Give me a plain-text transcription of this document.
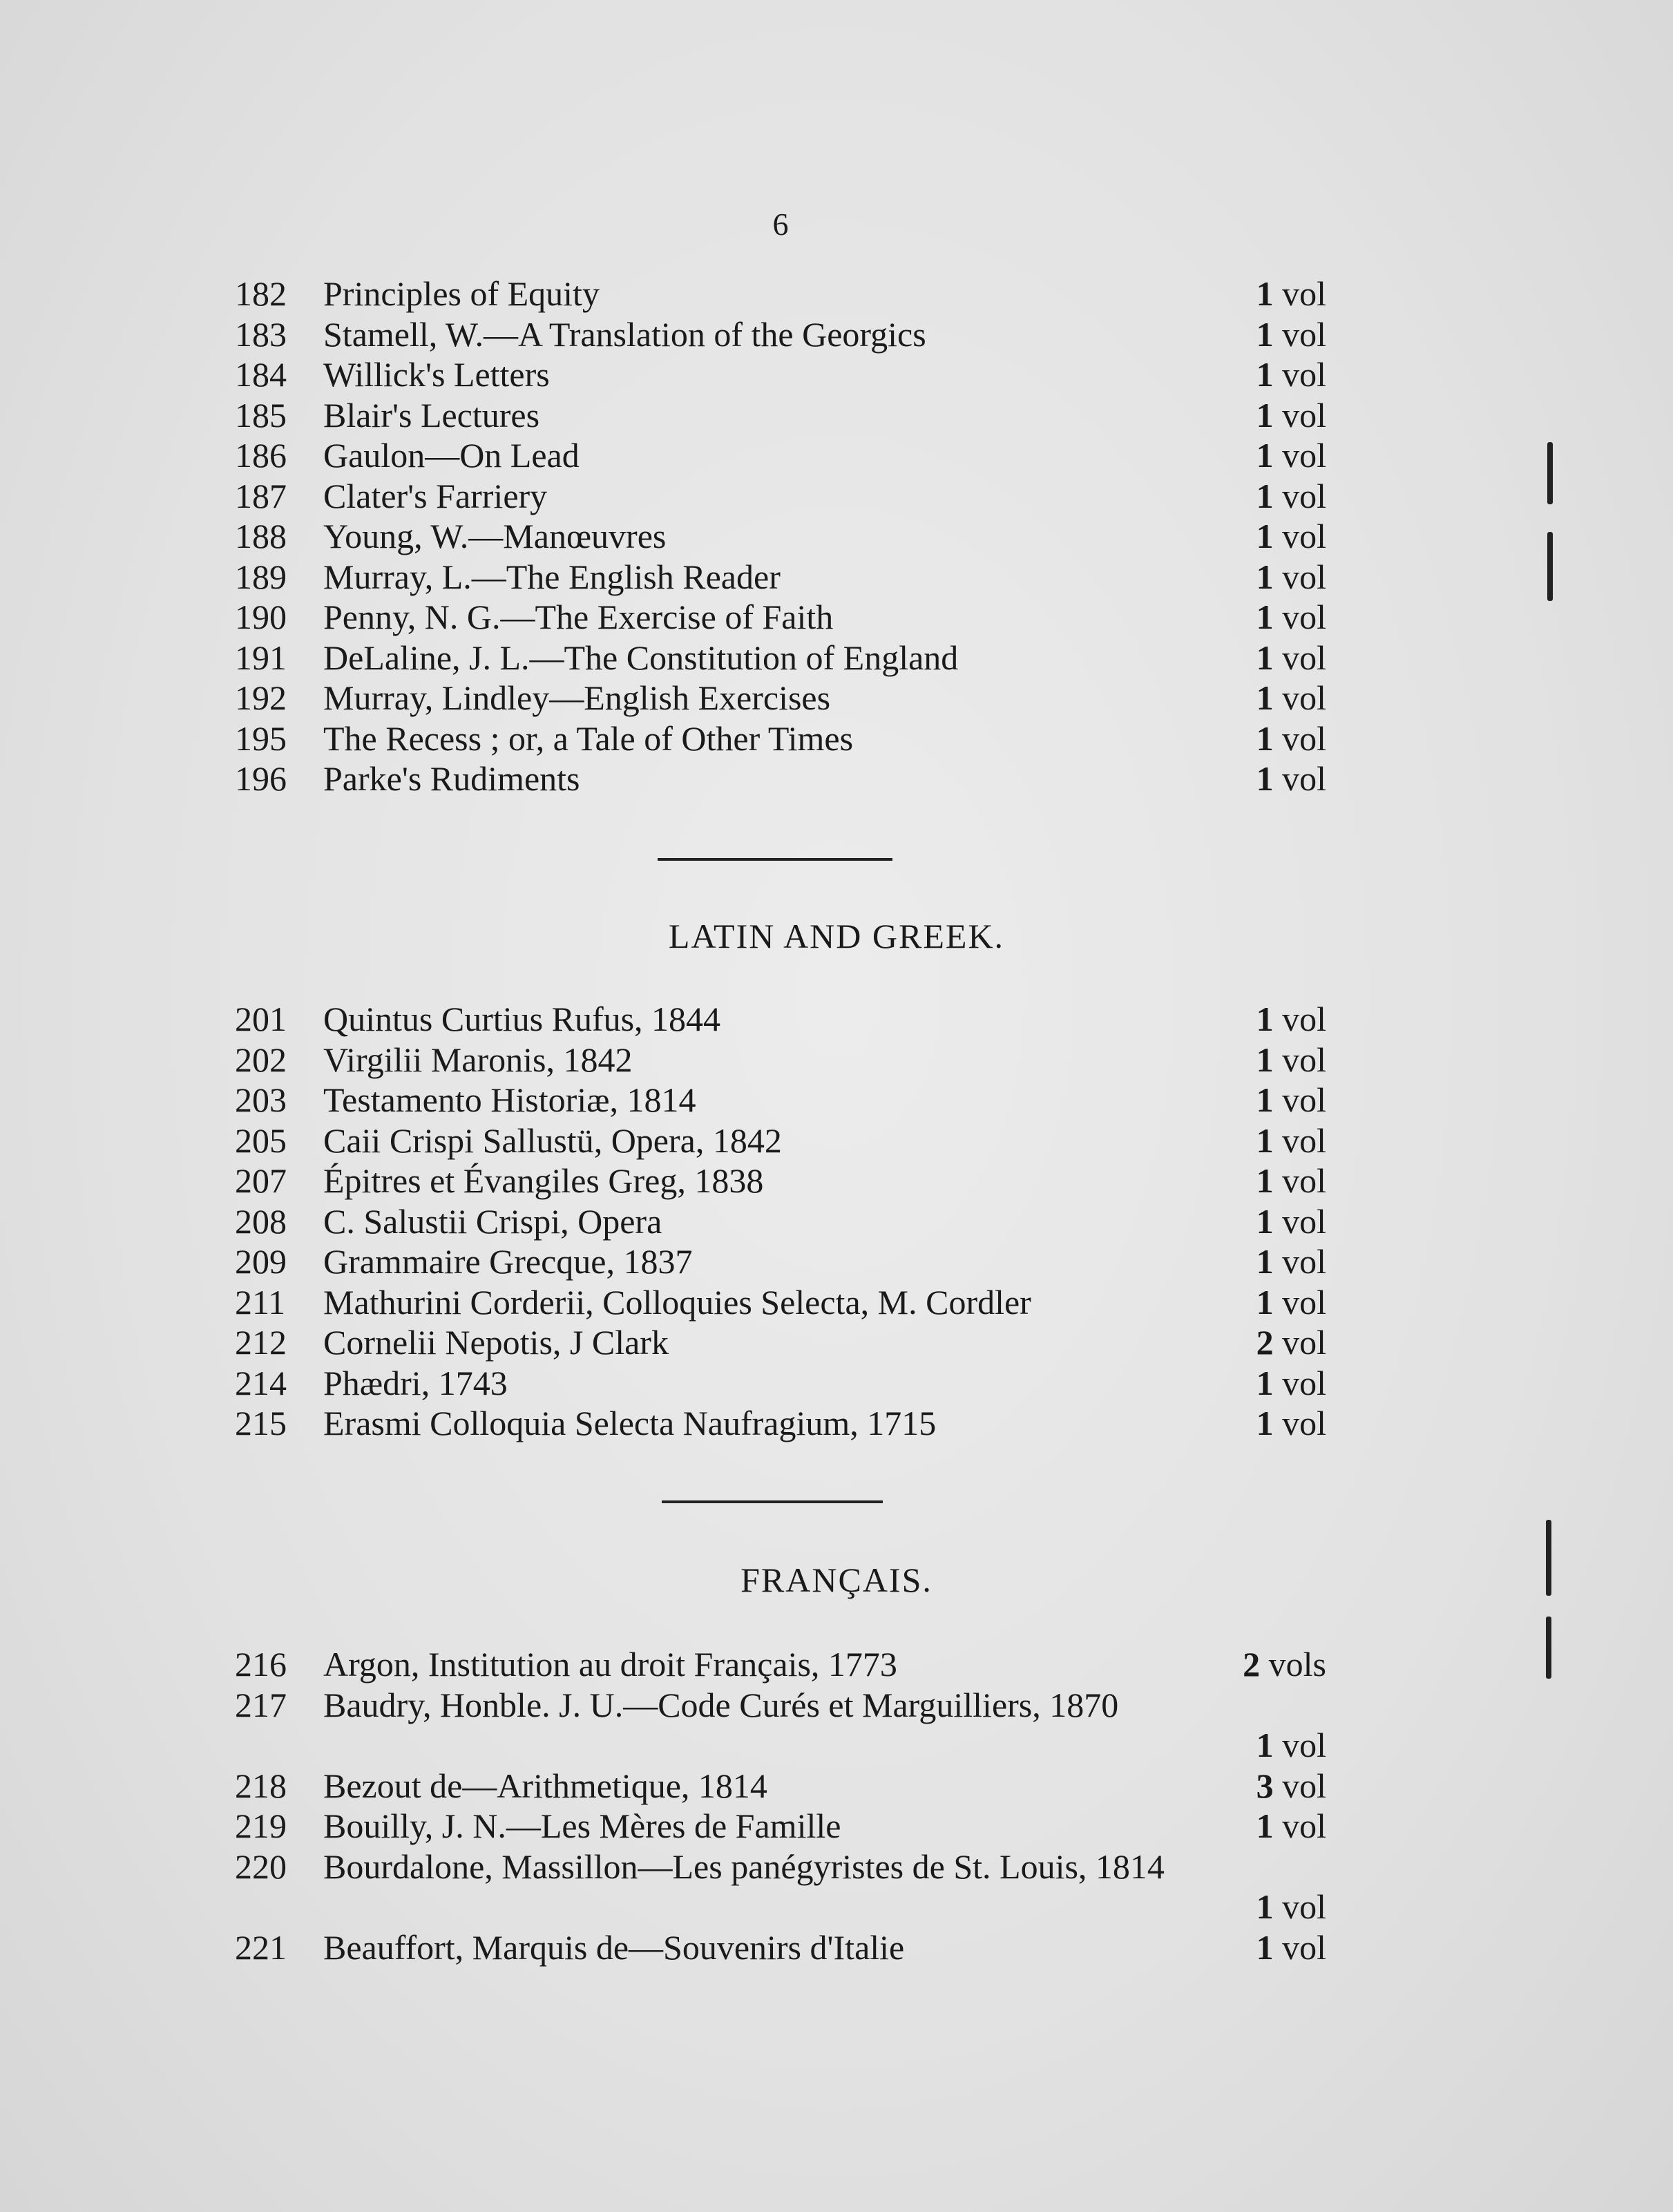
6
182	Principles of Equity	1 vol
183	Stamell, W.—A Translation of the Georgics	1 vol
184	Willick's Letters	1 vol
185	Blair's Lectures	1 vol
186	Gaulon—On Lead	1 vol
187	Clater's Farriery	1 vol
188	Young, W.—Manœuvres	1 vol
189	Murray, L.—The English Reader	1 vol
190	Penny, N. G.—The Exercise of Faith	1 vol
191	DeLaline, J. L.—The Constitution of England	1 vol
192	Murray, Lindley—English Exercises	1 vol
195	The Recess ; or, a Tale of Other Times	1 vol
196	Parke's Rudiments	1 vol
LATIN AND GREEK.
201	Quintus Curtius Rufus, 1844	1 vol
202	Virgilii Maronis, 1842	1 vol
203	Testamento Historiæ, 1814	1 vol
205	Caii Crispi Sallustü, Opera, 1842	1 vol
207	Épitres et Évangiles Greg, 1838	1 vol
208	C. Salustii Crispi, Opera	1 vol
209	Grammaire Grecque, 1837	1 vol
211	Mathurini Corderii, Colloquies Selecta, M. Cordler	1 vol
212	Cornelii Nepotis, J Clark	2 vol
214	Phædri, 1743	1 vol
215	Erasmi Colloquia Selecta Naufragium, 1715	1 vol
FRANÇAIS.
216	Argon, Institution au droit Français, 1773	2 vols
217	Baudry, Honble. J. U.—Code Curés et Marguilliers, 1870
1 vol
218	Bezout de—Arithmetique, 1814	3 vol
219	Bouilly, J. N.—Les Mères de Famille	1 vol
220	Bourdalone, Massillon—Les panégyristes de St. Louis, 1814
1 vol
221	Beauffort, Marquis de—Souvenirs d'Italie	1 vol
